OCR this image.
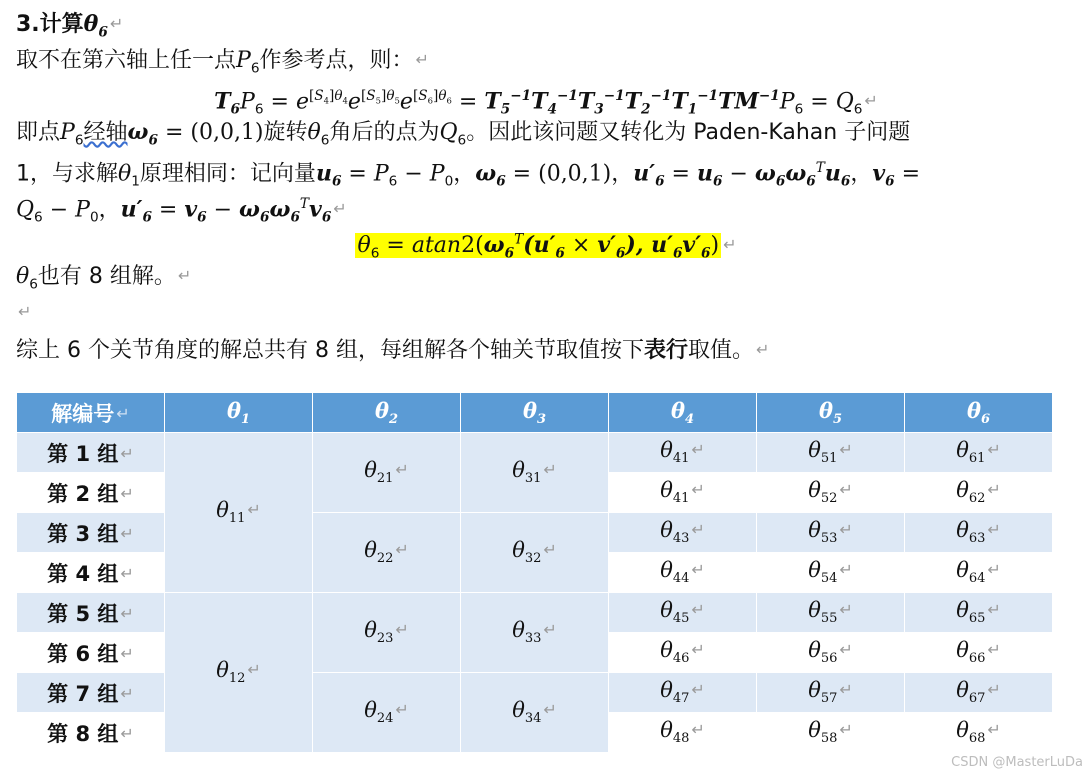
3.计算$\theta_6$ ↵
取不在第六轴上任一点$P_6$作参考点，则： ↵
$T_6P_6 = e^{[S_4]\theta_4}e^{[S_5]\theta_5}e^{[S_6]\theta_6} = T_5^{-1}T_4^{-1}T_3^{-1}T_2^{-1}T_1^{-1}TM^{-1}P_6 = Q_6$ ↵
即点$P_6$经轴$\omega_6 = (0,0,1)$旋转$\theta_6$角后的点为$Q_6$。因此该问题又转化为 Paden-Kahan 子问题
1，与求解$\theta_1$原理相同：记向量$u_6 = P_6 - P_0$，$\omega_6 = (0,0,1)$，$u'_6 = u_6 - \omega_6\omega_6^Tu_6$，$v_6$ =
$Q_6 - P_0$，$u'_6 = v_6 - \omega_6\omega_6^Tv_6$ ↵
$\theta_6 = atan2(\omega_6^T(u'_6 \times v'_6)$, $u'_6v'_6$) ↵
$\theta_6$也有 8 组解。 ↵
↵
综上 6 个关节角度的解总共有 8 组，每组解各个轴关节取值按下表行取值。 ↵
解编号 ↵	$\theta_1$	$\theta_2$	$\theta_3$	$\theta_4$	$\theta_5$	$\theta_6$
第 1 组 ↵	$\theta_{11}$ ↵	$\theta_{21}$ ↵	$\theta_{31}$ ↵	$\theta_{41}$ ↵	$\theta_{51}$ ↵	$\theta_{61}$ ↵
第 2 组 ↵				$\theta_{41}$ ↵	$\theta_{52}$ ↵	$\theta_{62}$ ↵
第 3 组 ↵		$\theta_{22}$ ↵	$\theta_{32}$ ↵	$\theta_{43}$ ↵	$\theta_{53}$ ↵	$\theta_{63}$ ↵
第 4 组 ↵				$\theta_{44}$ ↵	$\theta_{54}$ ↵	$\theta_{64}$ ↵
第 5 组 ↵	$\theta_{12}$ ↵	$\theta_{23}$ ↵	$\theta_{33}$ ↵	$\theta_{45}$ ↵	$\theta_{55}$ ↵	$\theta_{65}$ ↵
第 6 组 ↵				$\theta_{46}$ ↵	$\theta_{56}$ ↵	$\theta_{66}$ ↵
第 7 组 ↵		$\theta_{24}$ ↵	$\theta_{34}$ ↵	$\theta_{47}$ ↵	$\theta_{57}$ ↵	$\theta_{67}$ ↵
第 8 组 ↵				$\theta_{48}$ ↵	$\theta_{58}$ ↵	$\theta_{68}$ ↵
CSDN @MasterLuDa
